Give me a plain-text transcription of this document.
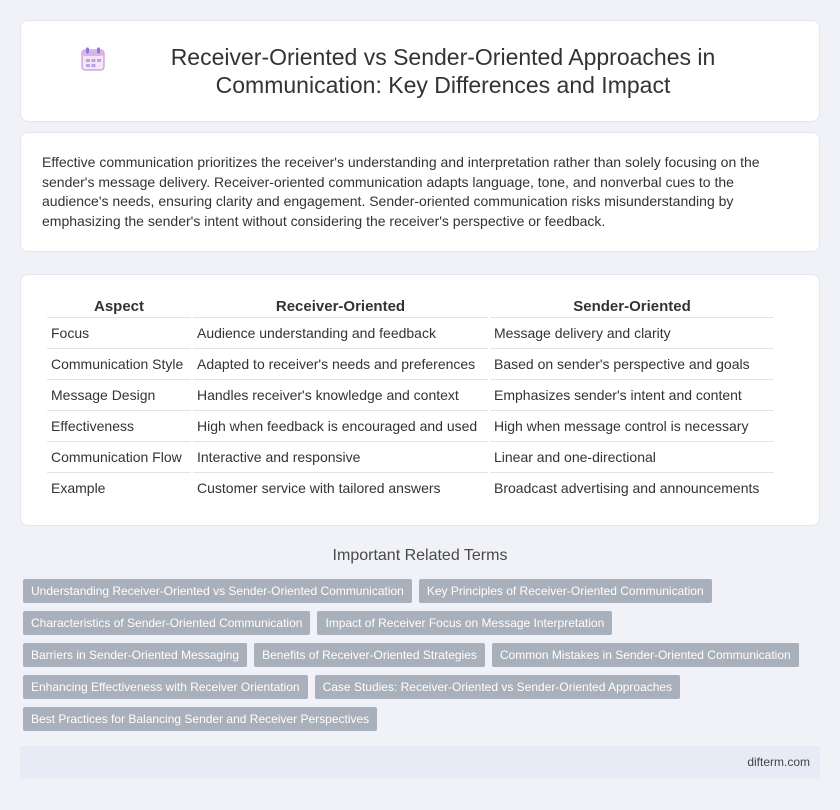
Receiver-Oriented vs Sender-Oriented Approaches in Communication: Key Differences and Impact

Effective communication prioritizes the receiver's understanding and interpretation rather than solely focusing on the sender's message delivery. Receiver-oriented communication adapts language, tone, and nonverbal cues to the audience's needs, ensuring clarity and engagement. Sender-oriented communication risks misunderstanding by emphasizing the sender's intent without considering the receiver's perspective or feedback.

Aspect	Receiver-Oriented	Sender-Oriented
Focus	Audience understanding and feedback	Message delivery and clarity
Communication Style	Adapted to receiver's needs and preferences	Based on sender's perspective and goals
Message Design	Handles receiver's knowledge and context	Emphasizes sender's intent and content
Effectiveness	High when feedback is encouraged and used	High when message control is necessary
Communication Flow	Interactive and responsive	Linear and one-directional
Example	Customer service with tailored answers	Broadcast advertising and announcements
Important Related Terms
Understanding Receiver-Oriented vs Sender-Oriented Communication	Key Principles of Receiver-Oriented Communication
Characteristics of Sender-Oriented Communication	Impact of Receiver Focus on Message Interpretation
Barriers in Sender-Oriented Messaging	Benefits of Receiver-Oriented Strategies	Common Mistakes in Sender-Oriented Communication
Enhancing Effectiveness with Receiver Orientation	Case Studies: Receiver-Oriented vs Sender-Oriented Approaches
Best Practices for Balancing Sender and Receiver Perspectives
difterm.com
